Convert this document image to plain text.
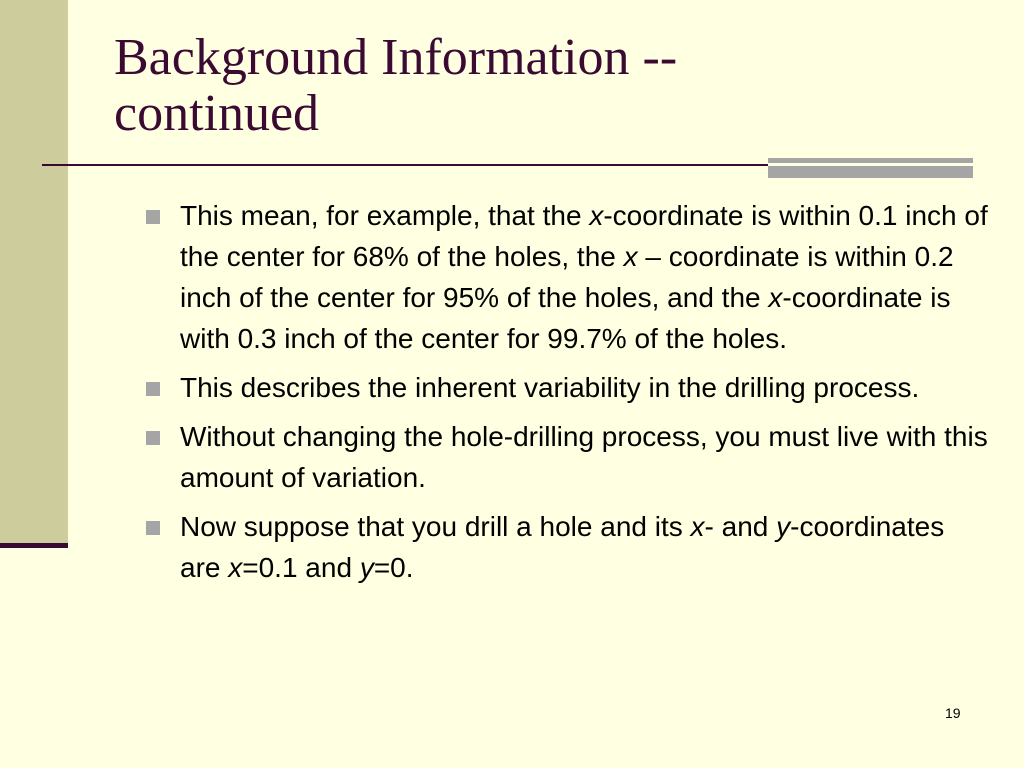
Background Information --
continued
This mean, for example, that the x-coordinate is within 0.1 inch of the center for 68% of the holes, the x – coordinate is within 0.2 inch of the center for 95% of the holes, and the x-coordinate is with 0.3 inch of the center for 99.7% of the holes.
This describes the inherent variability in the drilling process.
Without changing the hole-drilling process, you must live with this amount of variation.
Now suppose that you drill a hole and its x- and y-coordinates are x=0.1 and y=0.
19
